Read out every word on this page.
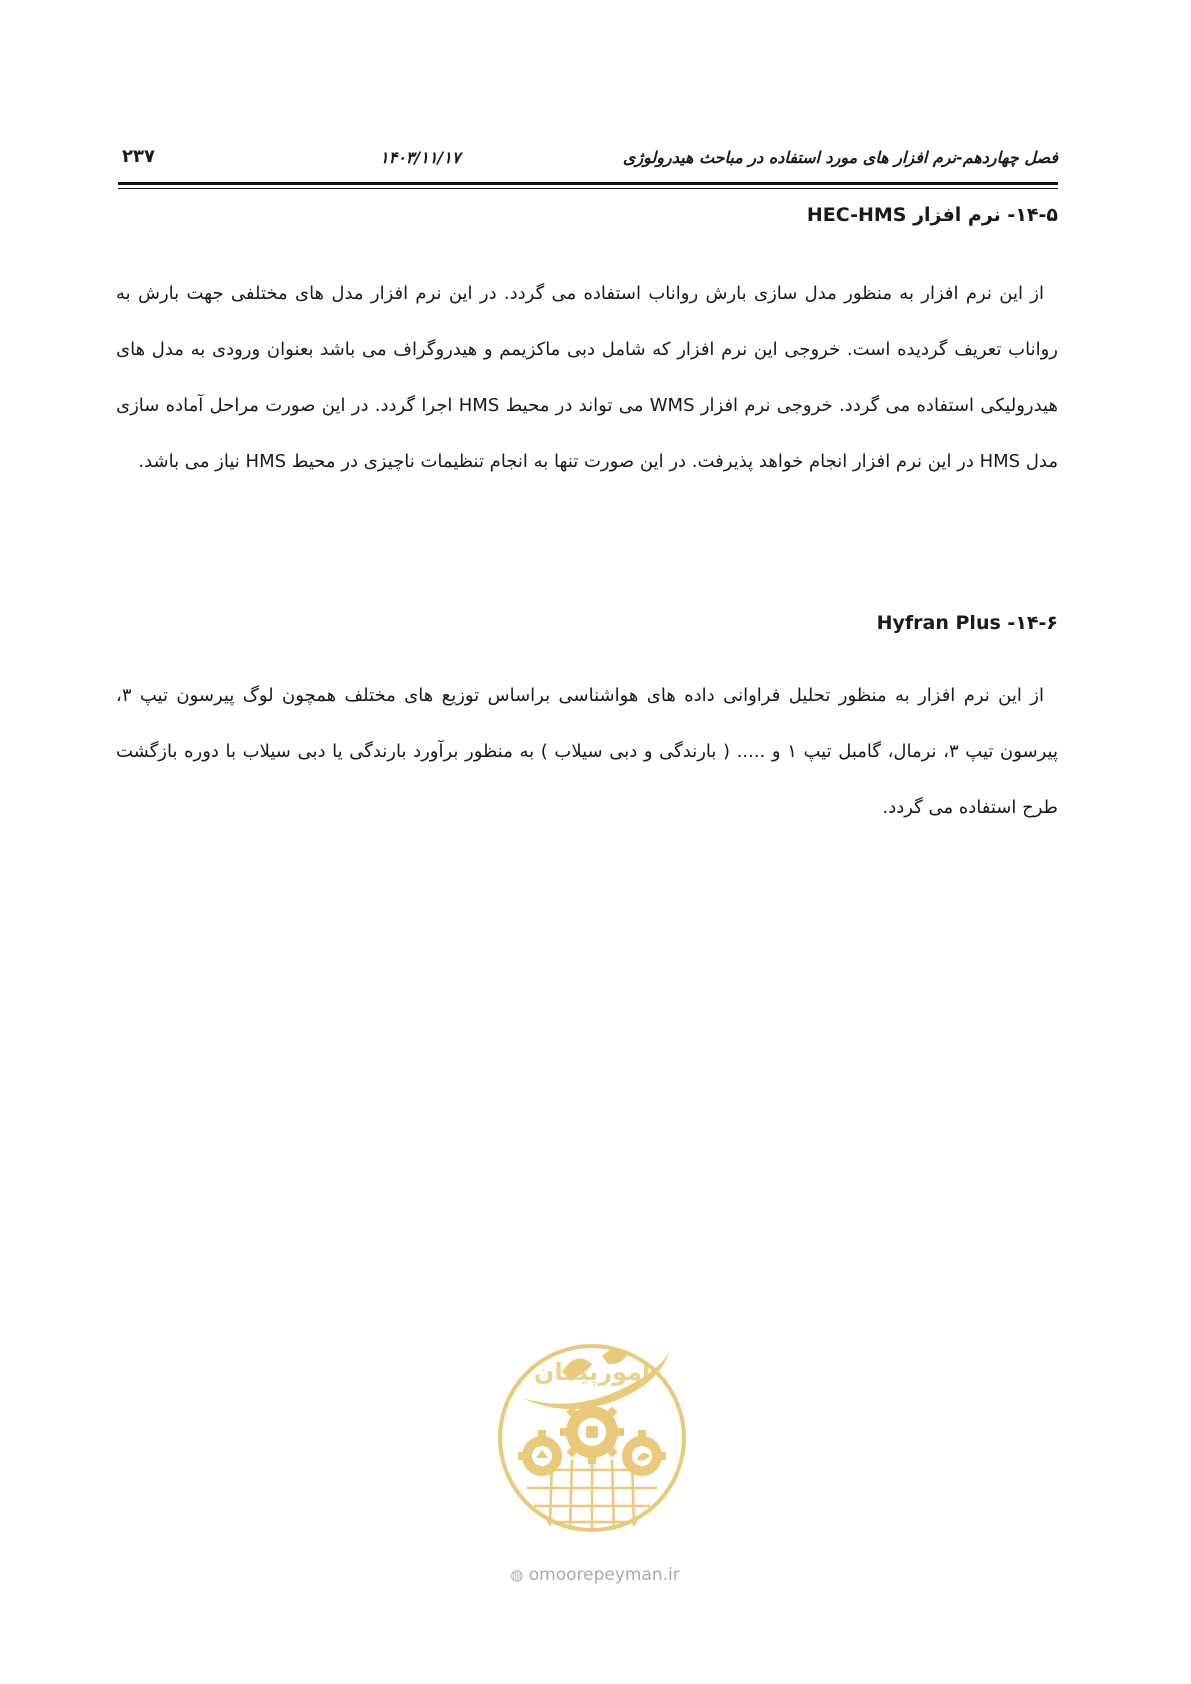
فصل چهاردهم-نرم افزار های مورد استفاده در مباحث هیدرولوژی
۱۴۰۳/۱۱/۱۷
۲۳۷
۱۴-۵- نرم افزار HEC-HMS

از این نرم افزار به منظور مدل سازی بارش رواناب استفاده می گردد. در این نرم افزار مدل های مختلفی جهت بارش به رواناب تعریف گردیده است. خروجی این نرم افزار که شامل دبی ماکزیمم و هیدروگراف می باشد بعنوان ورودی به مدل های هیدرولیکی استفاده می گردد. خروجی نرم افزار WMS می تواند در محیط HMS اجرا گردد. در این صورت مراحل آماده سازی مدل HMS در این نرم افزار انجام خواهد پذیرفت. در این صورت تنها به انجام تنظیمات ناچیزی در محیط HMS نیاز می باشد.

۱۴-۶- Hyfran Plus

از این نرم افزار به منظور تحلیل فراوانی داده های هواشناسی براساس توزیع های مختلف همچون لوگ پیرسون تیپ ۳، پیرسون تیپ ۳، نرمال، گامبل تیپ ۱ و ..... ( بارندگی و دبی سیلاب ) به منظور برآورد بارندگی یا دبی سیلاب با دوره بازگشت طرح استفاده می گردد.

امورپیمان
◍ omoorepeyman.ir
